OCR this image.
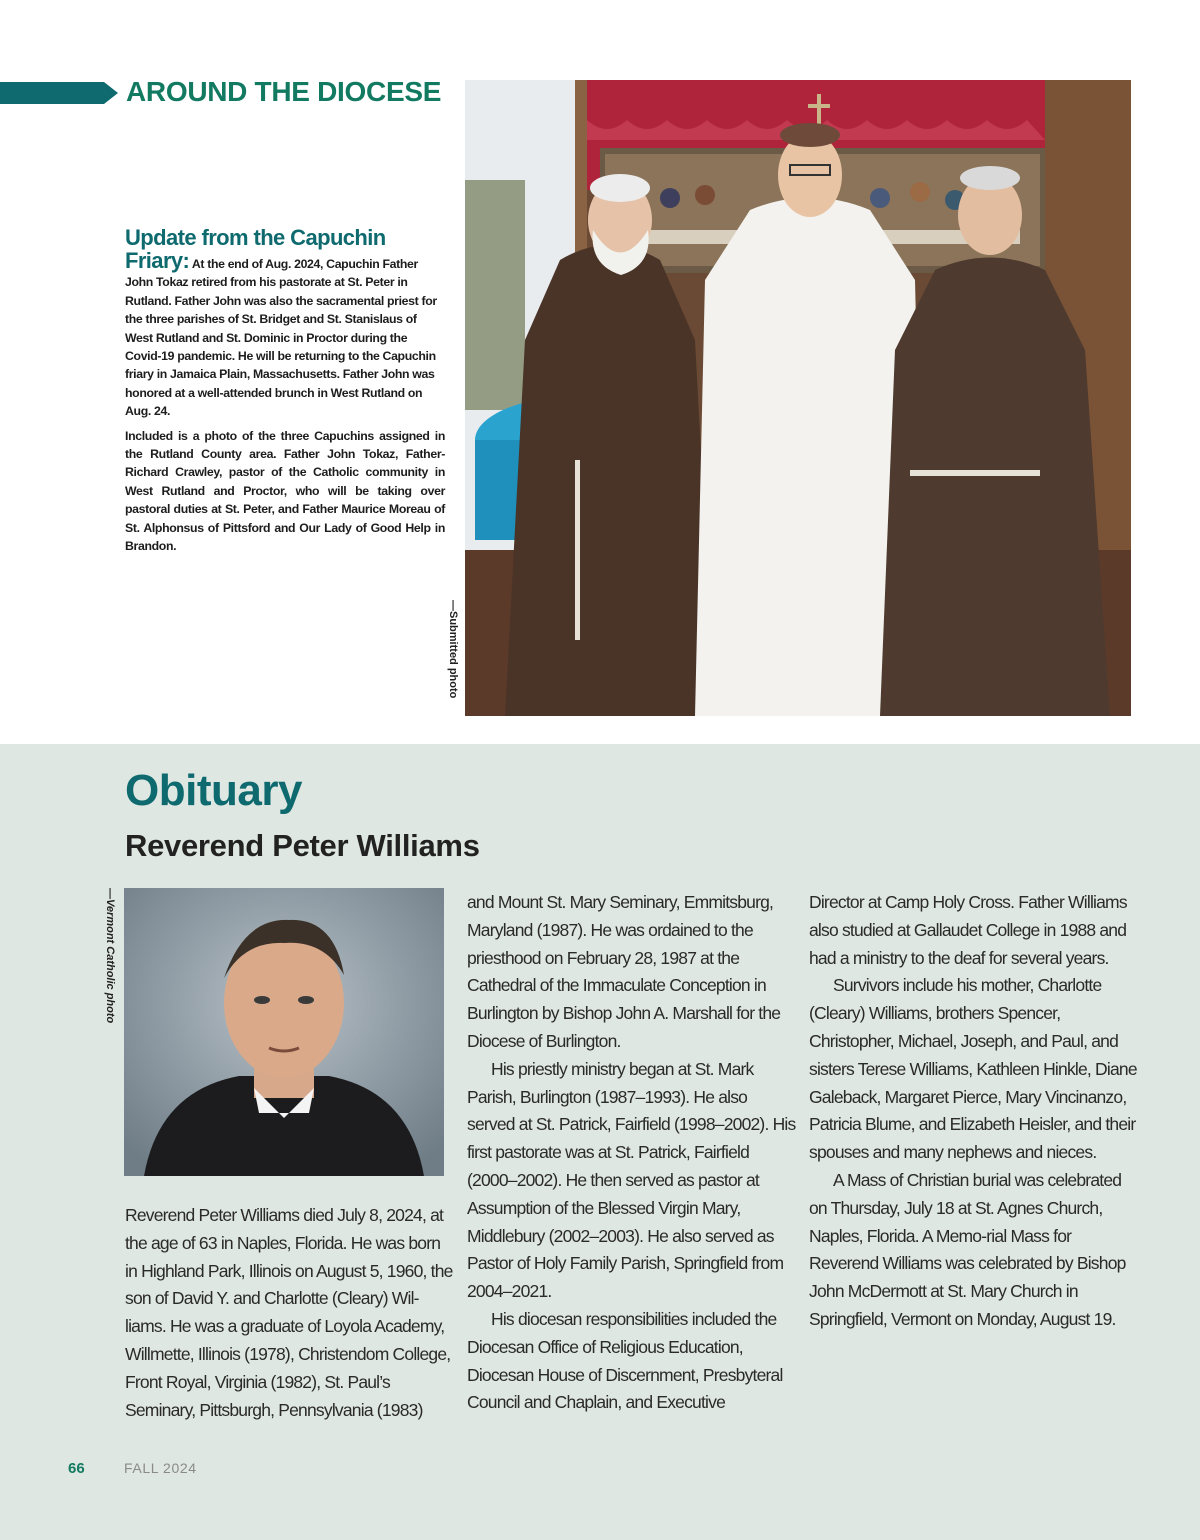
AROUND THE DIOCESE
Update from the Capuchin

Friary: At the end of Aug. 2024, Capuchin Father John Tokaz retired from his pastorate at St. Peter in Rutland. Father John was also the sacramental priest for the three parishes of St. Bridget and St. Stanislaus of West Rutland and St. Dominic in Proctor during the Covid-19 pandemic. He will be returning to the Capuchin friary in Jamaica Plain, Massachusetts. Father John was honored at a well-attended brunch in West Rutland on Aug. 24.

Included is a photo of the three Capuchins assigned in the Rutland County area. Father John Tokaz, Father-Richard Crawley, pastor of the Catholic community in West Rutland and Proctor, who will be taking over pastoral duties at St. Peter, and Father Maurice Moreau of St. Alphonsus of Pittsford and Our Lady of Good Help in Brandon.

—Submitted photo
Obituary
Reverend Peter Williams
—Vermont Catholic photo

Reverend Peter Williams died July 8, 2024, at the age of 63 in Naples, Florida. He was born in Highland Park, Illinois on August 5, 1960, the son of David Y. and Charlotte (Cleary) Wil-liams. He was a graduate of Loyola Academy, Willmette, Illinois (1978), Christendom College, Front Royal, Virginia (1982), St. Paul’s Seminary, Pittsburgh, Pennsylvania (1983)

and Mount St. Mary Seminary, Emmitsburg, Maryland (1987). He was ordained to the priesthood on February 28, 1987 at the Cathedral of the Immaculate Conception in Burlington by Bishop John A. Marshall for the Diocese of Burlington.

His priestly ministry began at St. Mark Parish, Burlington (1987–1993). He also served at St. Patrick, Fairfield (1998–2002). His first pastorate was at St. Patrick, Fairfield (2000–2002). He then served as pastor at Assumption of the Blessed Virgin Mary, Middlebury (2002–2003). He also served as Pastor of Holy Family Parish, Springfield from 2004–2021.

His diocesan responsibilities included the Diocesan Office of Religious Education, Diocesan House of Discernment, Presbyteral Council and Chaplain, and Executive

Director at Camp Holy Cross. Father Williams also studied at Gallaudet College in 1988 and had a ministry to the deaf for several years.

Survivors include his mother, Charlotte (Cleary) Williams, brothers Spencer, Christopher, Michael, Joseph, and Paul, and sisters Terese Williams, Kathleen Hinkle, Diane Galeback, Margaret Pierce, Mary Vincinanzo, Patricia Blume, and Elizabeth Heisler, and their spouses and many nephews and nieces.

A Mass of Christian burial was celebrated on Thursday, July 18 at St. Agnes Church, Naples, Florida. A Memo-rial Mass for Reverend Williams was celebrated by Bishop John McDermott at St. Mary Church in Springfield, Vermont on Monday, August 19.

66	FALL 2024
